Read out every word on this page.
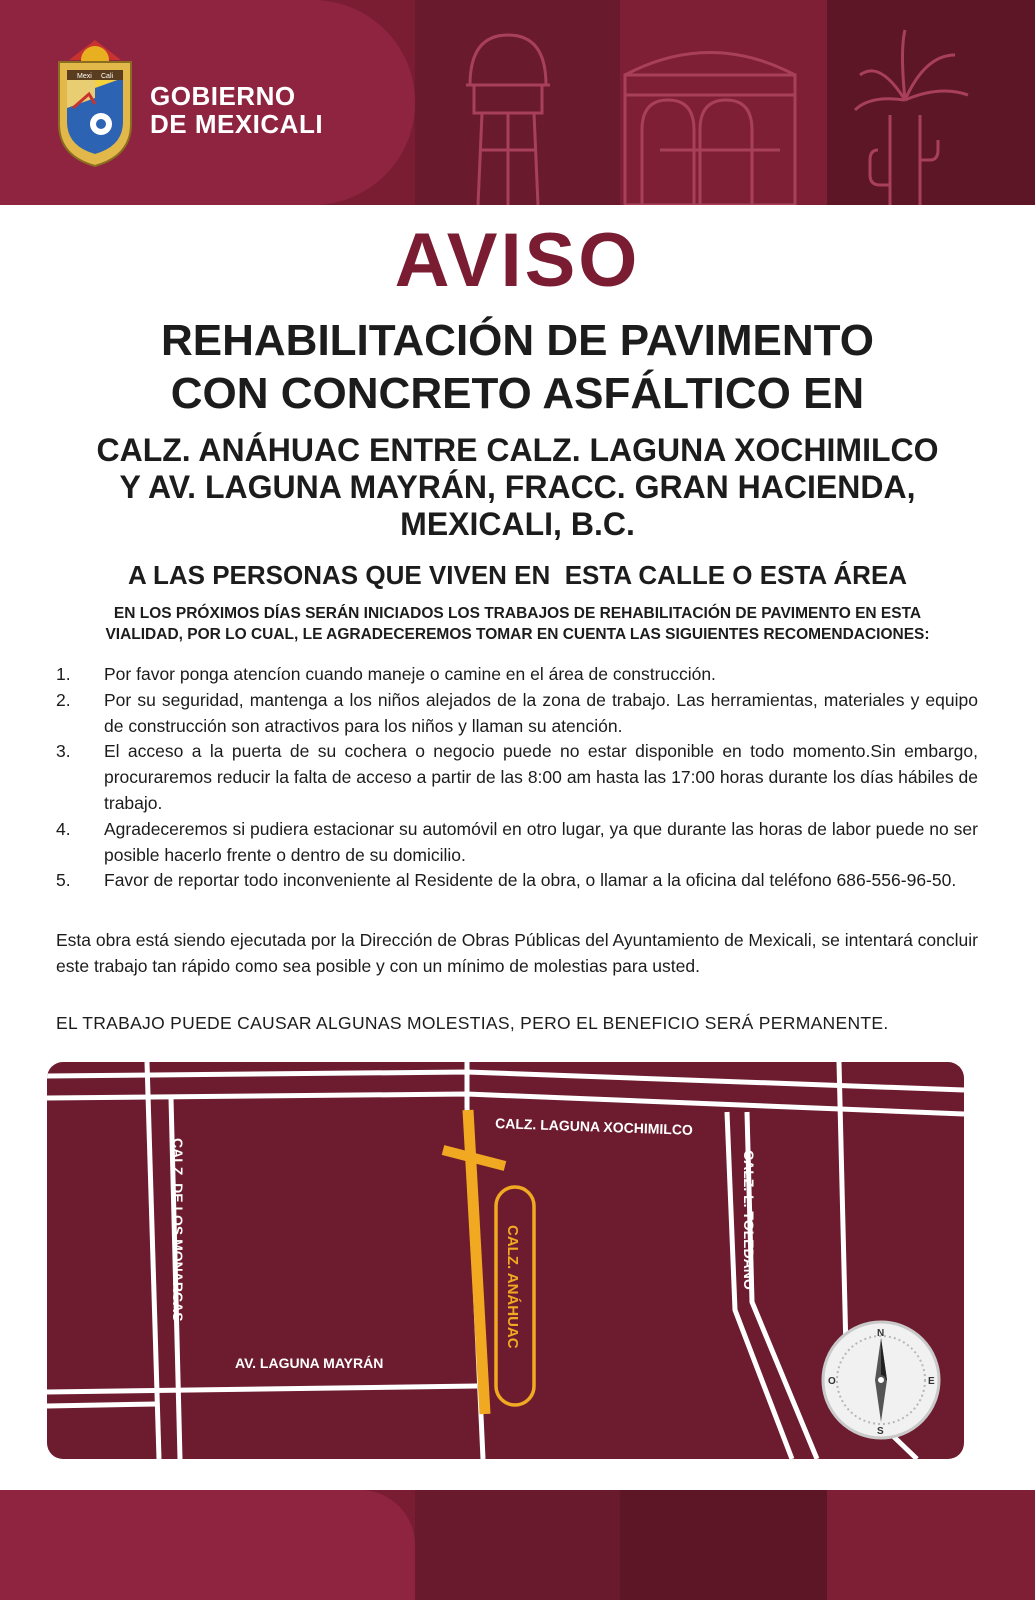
Mexi Cali
GOBIERNO
DE MEXICALI
AVISO
REHABILITACIÓN DE PAVIMENTO
CON CONCRETO ASFÁLTICO EN
CALZ. ANÁHUAC ENTRE CALZ. LAGUNA XOCHIMILCO
Y AV. LAGUNA MAYRÁN, FRACC. GRAN HACIENDA,
MEXICALI, B.C.
A LAS PERSONAS QUE VIVEN EN  ESTA CALLE O ESTA ÁREA
EN LOS PRÓXIMOS DÍAS SERÁN INICIADOS LOS TRABAJOS DE REHABILITACIÓN DE PAVIMENTO EN ESTA
VIALIDAD, POR LO CUAL, LE AGRADECEREMOS TOMAR EN CUENTA LAS SIGUIENTES RECOMENDACIONES:
1.	Por favor ponga atencíon cuando maneje o camine en el área de construcción.
2.	Por su seguridad, mantenga a los niños alejados de la zona de trabajo. Las herramientas, materiales y equipo de construcción son atractivos para los niños y llaman su atención.
3.	El acceso a la puerta de su cochera o negocio puede no estar disponible en todo momento.Sin embargo, procuraremos reducir la falta de acceso a partir de las 8:00 am hasta las 17:00 horas durante los días hábiles de trabajo.
4.	Agradeceremos si pudiera estacionar su automóvil en otro lugar, ya que durante las horas de labor puede no ser posible hacerlo frente o dentro de su domicilio.
5.	Favor de reportar todo inconveniente al Residente de la obra, o llamar a la oficina dal teléfono 686-556-96-50.
Esta obra está siendo ejecutada por la Dirección de Obras Públicas del Ayuntamiento de Mexicali, se intentará concluir este trabajo tan rápido como sea posible y con un mínimo de molestias para usted.
EL TRABAJO PUEDE CAUSAR ALGUNAS MOLESTIAS, PERO EL BENEFICIO SERÁ PERMANENTE.
CALZ. LAGUNA XOCHIMILCO
CALZ. DE LOS MONARCAS	CALZ. L. TOLEDANO
AV. LAGUNA MAYRÁN
CALZ. ANÁHUAC	N
S
E
O
